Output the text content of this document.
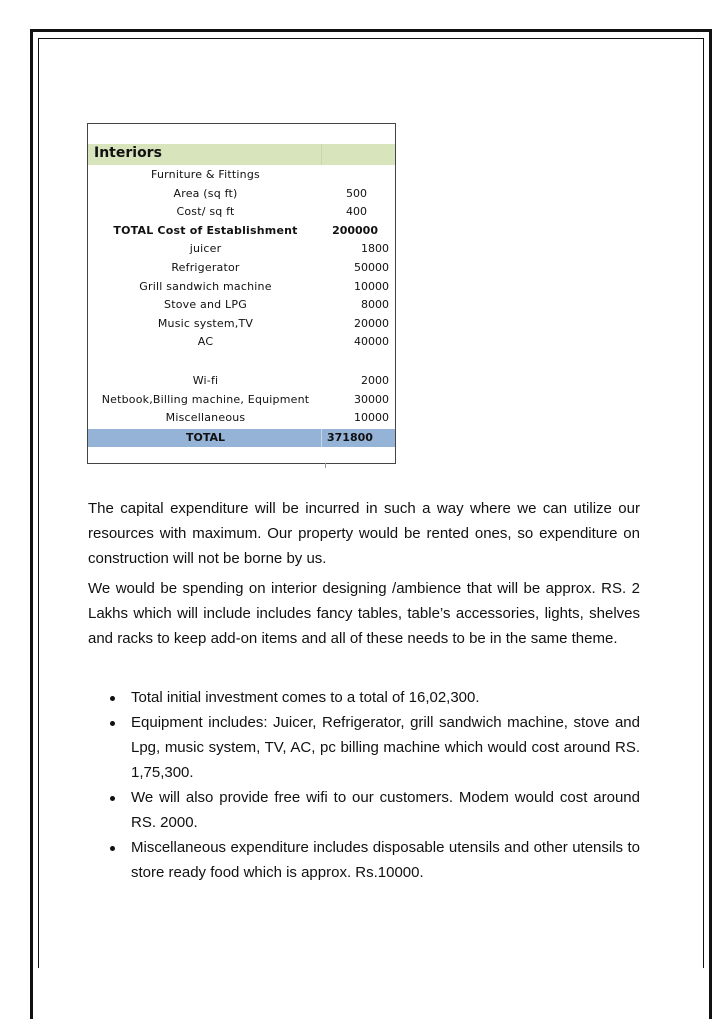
Interiors
Furniture & Fittings
Area (sq ft)	500
Cost/ sq ft	400
TOTAL Cost of Establishment	200000
juicer	1800
Refrigerator	50000
Grill sandwich machine	10000
Stove and LPG	8000
Music system,TV	20000
AC	40000
Wi-fi	2000
Netbook,Billing machine, Equipment	30000
Miscellaneous	10000
TOTAL	371800

The capital expenditure will be incurred in such a way where we can utilize our resources with maximum. Our property would be rented ones, so expenditure on construction will not be borne by us.

We would be spending on interior designing /ambience that will be approx. RS. 2 Lakhs which will include includes fancy tables, table’s accessories, lights, shelves and racks to keep add-on items and all of these needs to be in the same theme.

Total initial investment comes to a total of 16,02,300.
Equipment includes: Juicer, Refrigerator, grill sandwich machine, stove and Lpg, music system, TV, AC, pc billing machine which would cost around RS. 1,75,300.
We will also provide free wifi to our customers. Modem would cost around RS. 2000.
Miscellaneous expenditure includes disposable utensils and other utensils to store ready food which is approx. Rs.10000.
